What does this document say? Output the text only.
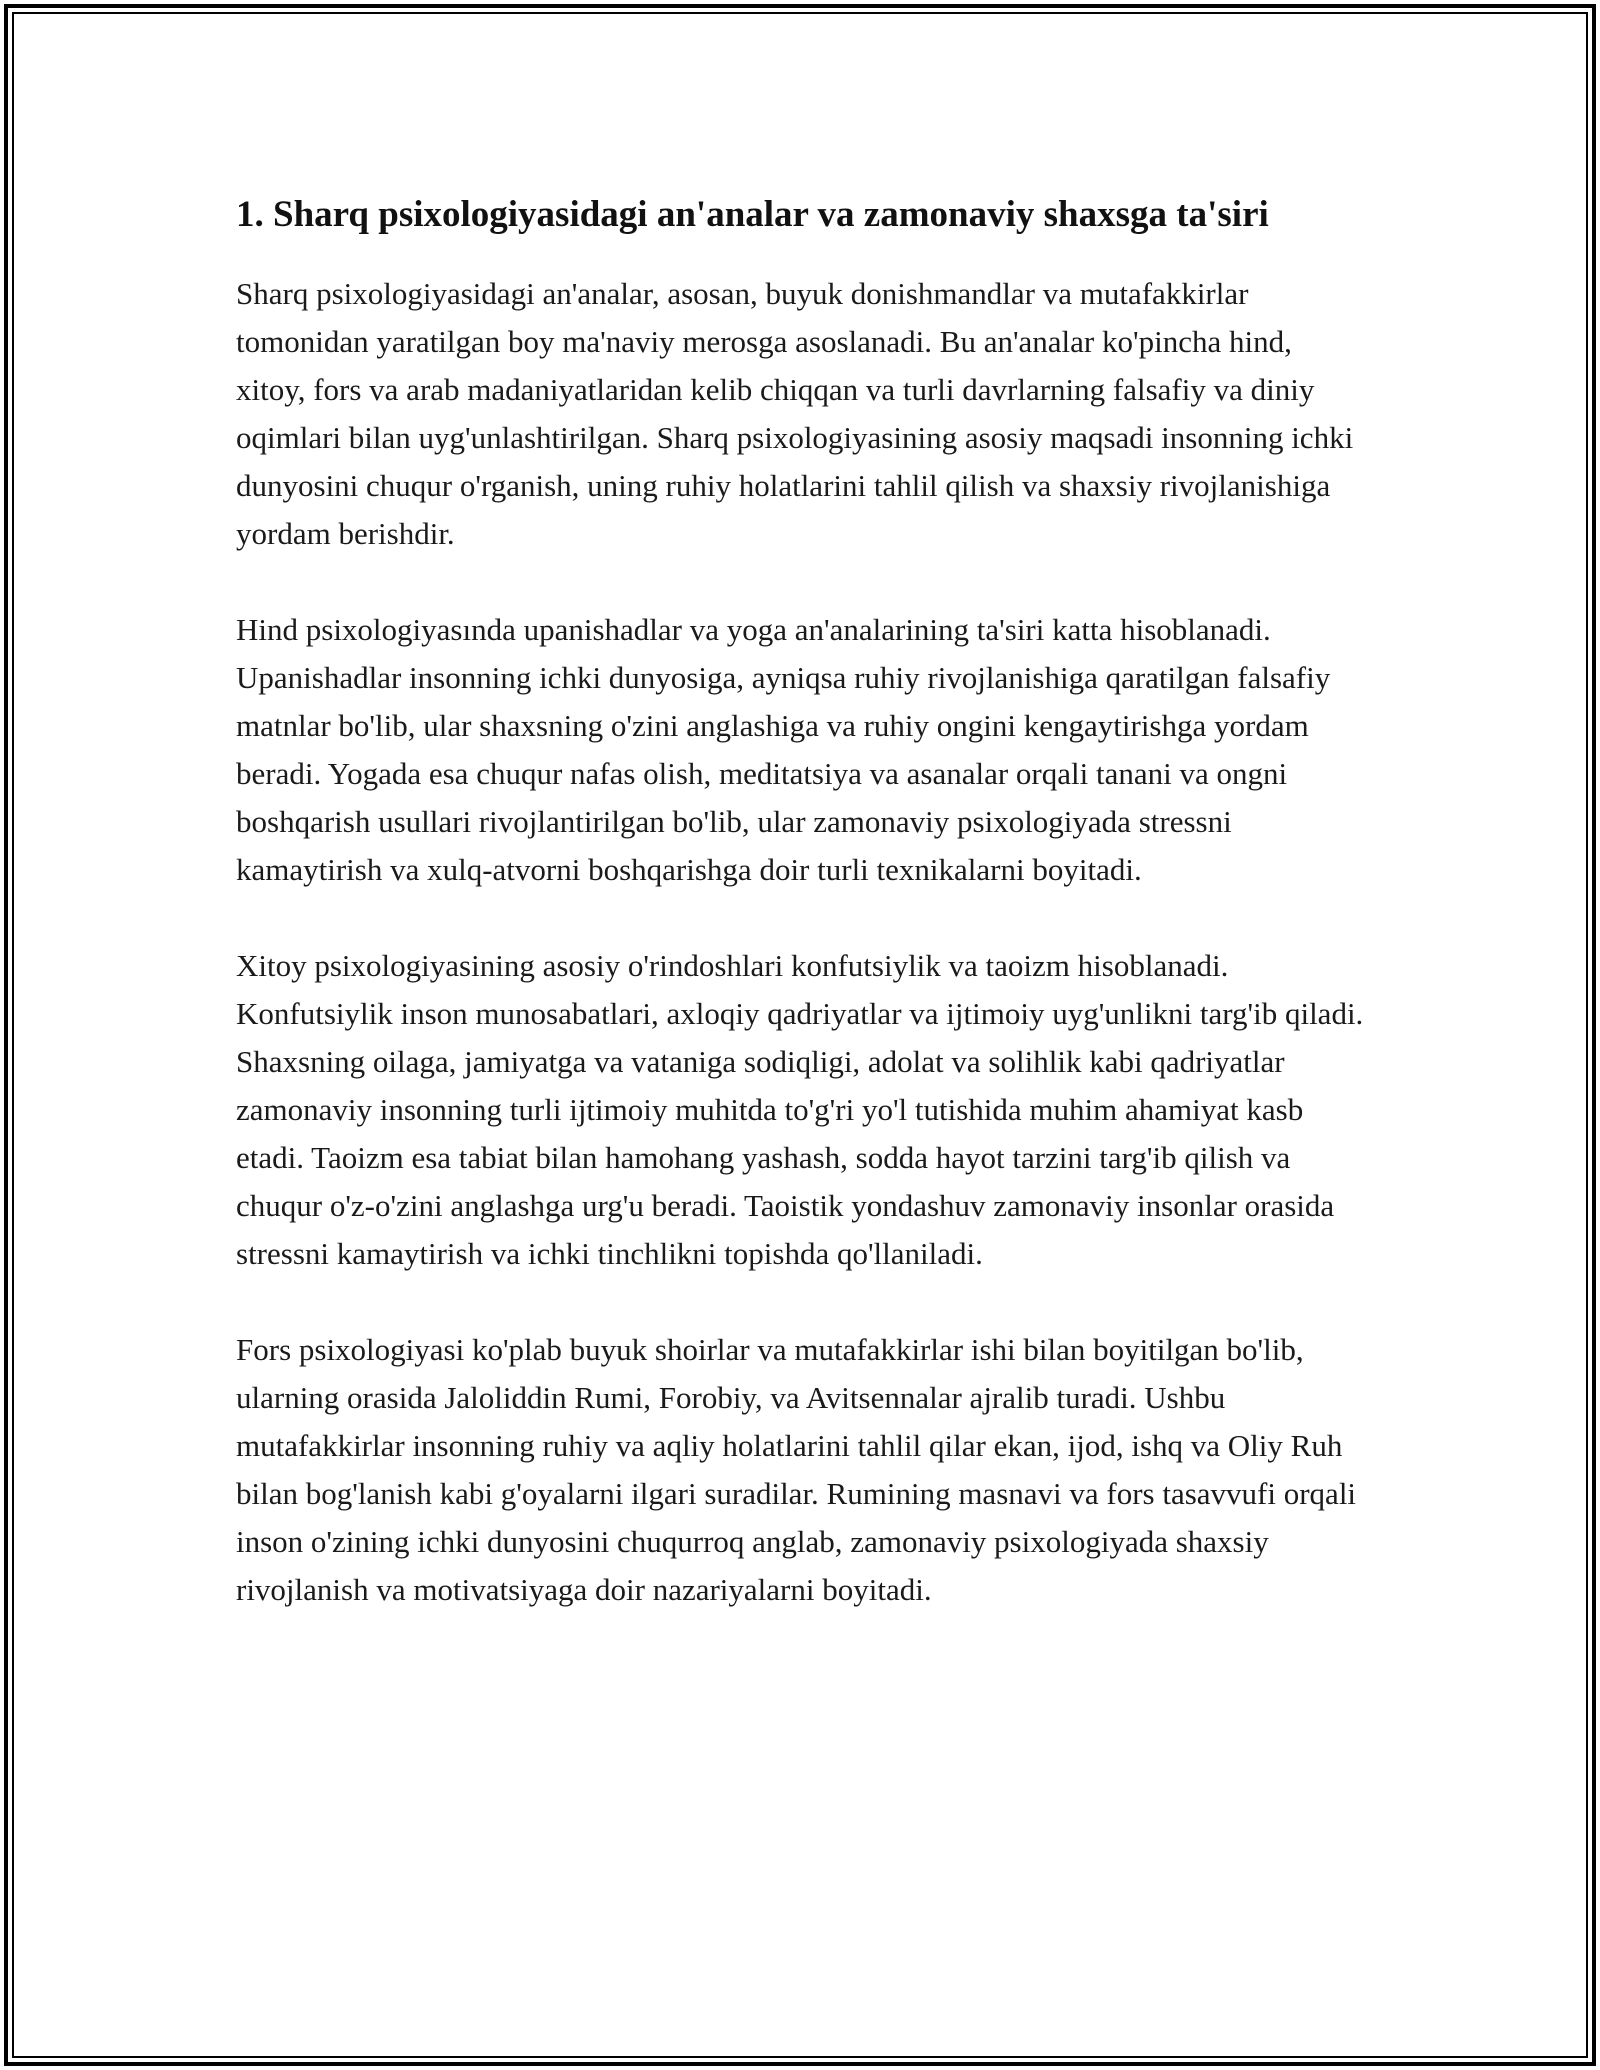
1. Sharq psixologiyasidagi an'analar va zamonaviy shaxsga ta'siri

Sharq psixologiyasidagi an'analar, asosan, buyuk donishmandlar va mutafakkirlar tomonidan yaratilgan boy ma'naviy merosga asoslanadi. Bu an'analar ko'pincha hind, xitoy, fors va arab madaniyatlaridan kelib chiqqan va turli davrlarning falsafiy va diniy oqimlari bilan uyg'unlashtirilgan. Sharq psixologiyasining asosiy maqsadi insonning ichki dunyosini chuqur o'rganish, uning ruhiy holatlarini tahlil qilish va shaxsiy rivojlanishiga yordam berishdir.

Hind psixologiyasında upanishadlar va yoga an'analarining ta'siri katta hisoblanadi. Upanishadlar insonning ichki dunyosiga, ayniqsa ruhiy rivojlanishiga qaratilgan falsafiy matnlar bo'lib, ular shaxsning o'zini anglashiga va ruhiy ongini kengaytirishga yordam beradi. Yogada esa chuqur nafas olish, meditatsiya va asanalar orqali tanani va ongni boshqarish usullari rivojlantirilgan bo'lib, ular zamonaviy psixologiyada stressni kamaytirish va xulq-atvorni boshqarishga doir turli texnikalarni boyitadi.

Xitoy psixologiyasining asosiy o'rindoshlari konfutsiylik va taoizm hisoblanadi. Konfutsiylik inson munosabatlari, axloqiy qadriyatlar va ijtimoiy uyg'unlikni targ'ib qiladi. Shaxsning oilaga, jamiyatga va vataniga sodiqligi, adolat va solihlik kabi qadriyatlar zamonaviy insonning turli ijtimoiy muhitda to'g'ri yo'l tutishida muhim ahamiyat kasb etadi. Taoizm esa tabiat bilan hamohang yashash, sodda hayot tarzini targ'ib qilish va chuqur o'z-o'zini anglashga urg'u beradi. Taoistik yondashuv zamonaviy insonlar orasida stressni kamaytirish va ichki tinchlikni topishda qo'llaniladi.

Fors psixologiyasi ko'plab buyuk shoirlar va mutafakkirlar ishi bilan boyitilgan bo'lib, ularning orasida Jaloliddin Rumi, Forobiy, va Avitsennalar ajralib turadi. Ushbu mutafakkirlar insonning ruhiy va aqliy holatlarini tahlil qilar ekan, ijod, ishq va Oliy Ruh bilan bog'lanish kabi g'oyalarni ilgari suradilar. Rumining masnavi va fors tasavvufi orqali inson o'zining ichki dunyosini chuqurroq anglab, zamonaviy psixologiyada shaxsiy rivojlanish va motivatsiyaga doir nazariyalarni boyitadi.
